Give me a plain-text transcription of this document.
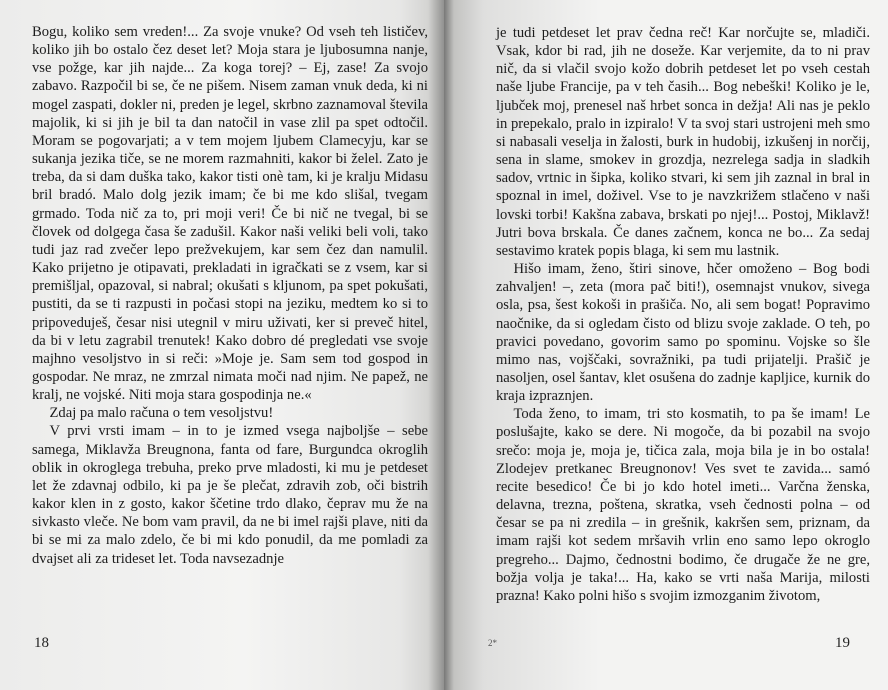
Bogu, koliko sem vreden!... Za svoje vnuke? Od vseh teh lističev, koliko jih bo ostalo čez deset let? Moja stara je ljubosumna nanje, vse požge, kar jih najde... Za koga torej? – Ej, zase! Za svojo zabavo. Razpočil bi se, če ne pišem. Nisem zaman vnuk deda, ki ni mogel zaspati, dokler ni, preden je legel, skrbno zaznamoval števila majolik, ki si jih je bil ta dan natočil in vase zlil pa spet odtočil. Moram se pogovarjati; a v tem mojem ljubem Clamecyju, kar se sukanja jezika tiče, se ne morem razmahniti, kakor bi želel. Zato je treba, da si dam duška tako, kakor tisti onè tam, ki je kralju Midasu bril bradó. Malo dolg jezik imam; če bi me kdo slišal, tvegam grmado. Toda nič za to, pri moji veri! Če bi nič ne tvegal, bi se človek od dolgega časa še zadušil. Kakor naši veliki beli voli, tako tudi jaz rad zvečer lepo prežvekujem, kar sem čez dan namulil. Kako prijetno je otipavati, prekladati in igračkati se z vsem, kar si premišljal, opazoval, si nabral; okušati s kljunom, pa spet pokušati, pustiti, da se ti razpusti in počasi stopi na jeziku, medtem ko si to pripoveduješ, česar nisi utegnil v miru uživati, ker si preveč hitel, da bi v letu zagrabil trenutek! Kako dobro dé pregledati vse svoje majhno vesoljstvo in si reči: »Moje je. Sam sem tod gospod in gospodar. Ne mraz, ne zmrzal nimata moči nad njim. Ne papež, ne kralj, ne vojské. Niti moja stara gospodinja ne.«

Zdaj pa malo računa o tem vesoljstvu!

V prvi vrsti imam – in to je izmed vsega najboljše – sebe samega, Miklavža Breugnona, fanta od fare, Burgundca okroglih oblik in okroglega trebuha, preko prve mladosti, ki mu je petdeset let že zdavnaj odbilo, ki pa je še plečat, zdravih zob, oči bistrih kakor klen in z gosto, kakor ščetine trdo dlako, čeprav mu že na sivkasto vleče. Ne bom vam pravil, da ne bi imel rajši plave, niti da bi se mi za malo zdelo, če bi mi kdo ponudil, da me pomladi za dvajset ali za trideset let. Toda navsezadnje

18

je tudi petdeset let prav čedna reč! Kar norčujte se, mladiči. Vsak, kdor bi rad, jih ne doseže. Kar verjemite, da to ni prav nič, da si vlačil svojo kožo dobrih petdeset let po vseh cestah naše ljube Francije, pa v teh časih... Bog nebeški! Koliko je le, ljubček moj, prenesel naš hrbet sonca in dežja! Ali nas je peklo in prepekalo, pralo in izpiralo! V ta svoj stari ustrojeni meh smo si nabasali veselja in žalosti, burk in hudobij, izkušenj in norčij, sena in slame, smokev in grozdja, nezrelega sadja in sladkih sadov, vrtnic in šipka, koliko stvari, ki sem jih zaznal in bral in spoznal in imel, doživel. Vse to je navzkrižem stlačeno v naši lovski torbi! Kakšna zabava, brskati po njej!... Postoj, Miklavž! Jutri bova brskala. Če danes začnem, konca ne bo... Za sedaj sestavimo kratek popis blaga, ki sem mu lastnik.

Hišo imam, ženo, štiri sinove, hčer omoženo – Bog bodi zahvaljen! –, zeta (mora pač biti!), osemnajst vnukov, sivega osla, psa, šest kokoši in prašiča. No, ali sem bogat! Popravimo naočnike, da si ogledam čisto od blizu svoje zaklade. O teh, po pravici povedano, govorim samo po spominu. Vojske so šle mimo nas, vojščaki, sovražniki, pa tudi prijatelji. Prašič je nasoljen, osel šantav, klet osušena do zadnje kapljice, kurnik do kraja izpraznjen.

Toda ženo, to imam, tri sto kosmatih, to pa še imam! Le poslušajte, kako se dere. Ni mogoče, da bi pozabil na svojo srečo: moja je, moja je, tičica zala, moja bila je in bo ostala! Zlodejev pretkanec Breugnonov! Ves svet te zavida... samó recite besedico! Če bi jo kdo hotel imeti... Varčna ženska, delavna, trezna, poštena, skratka, vseh čednosti polna – od česar se pa ni zredila – in grešnik, kakršen sem, priznam, da imam rajši kot sedem mršavih vrlin eno samo lepo okroglo pregreho... Dajmo, čednostni bodimo, če drugače že ne gre, božja volja je taka!... Ha, kako se vrti naša Marija, milosti prazna! Kako polni hišo s svojim izmozganim životom,

19
2*
